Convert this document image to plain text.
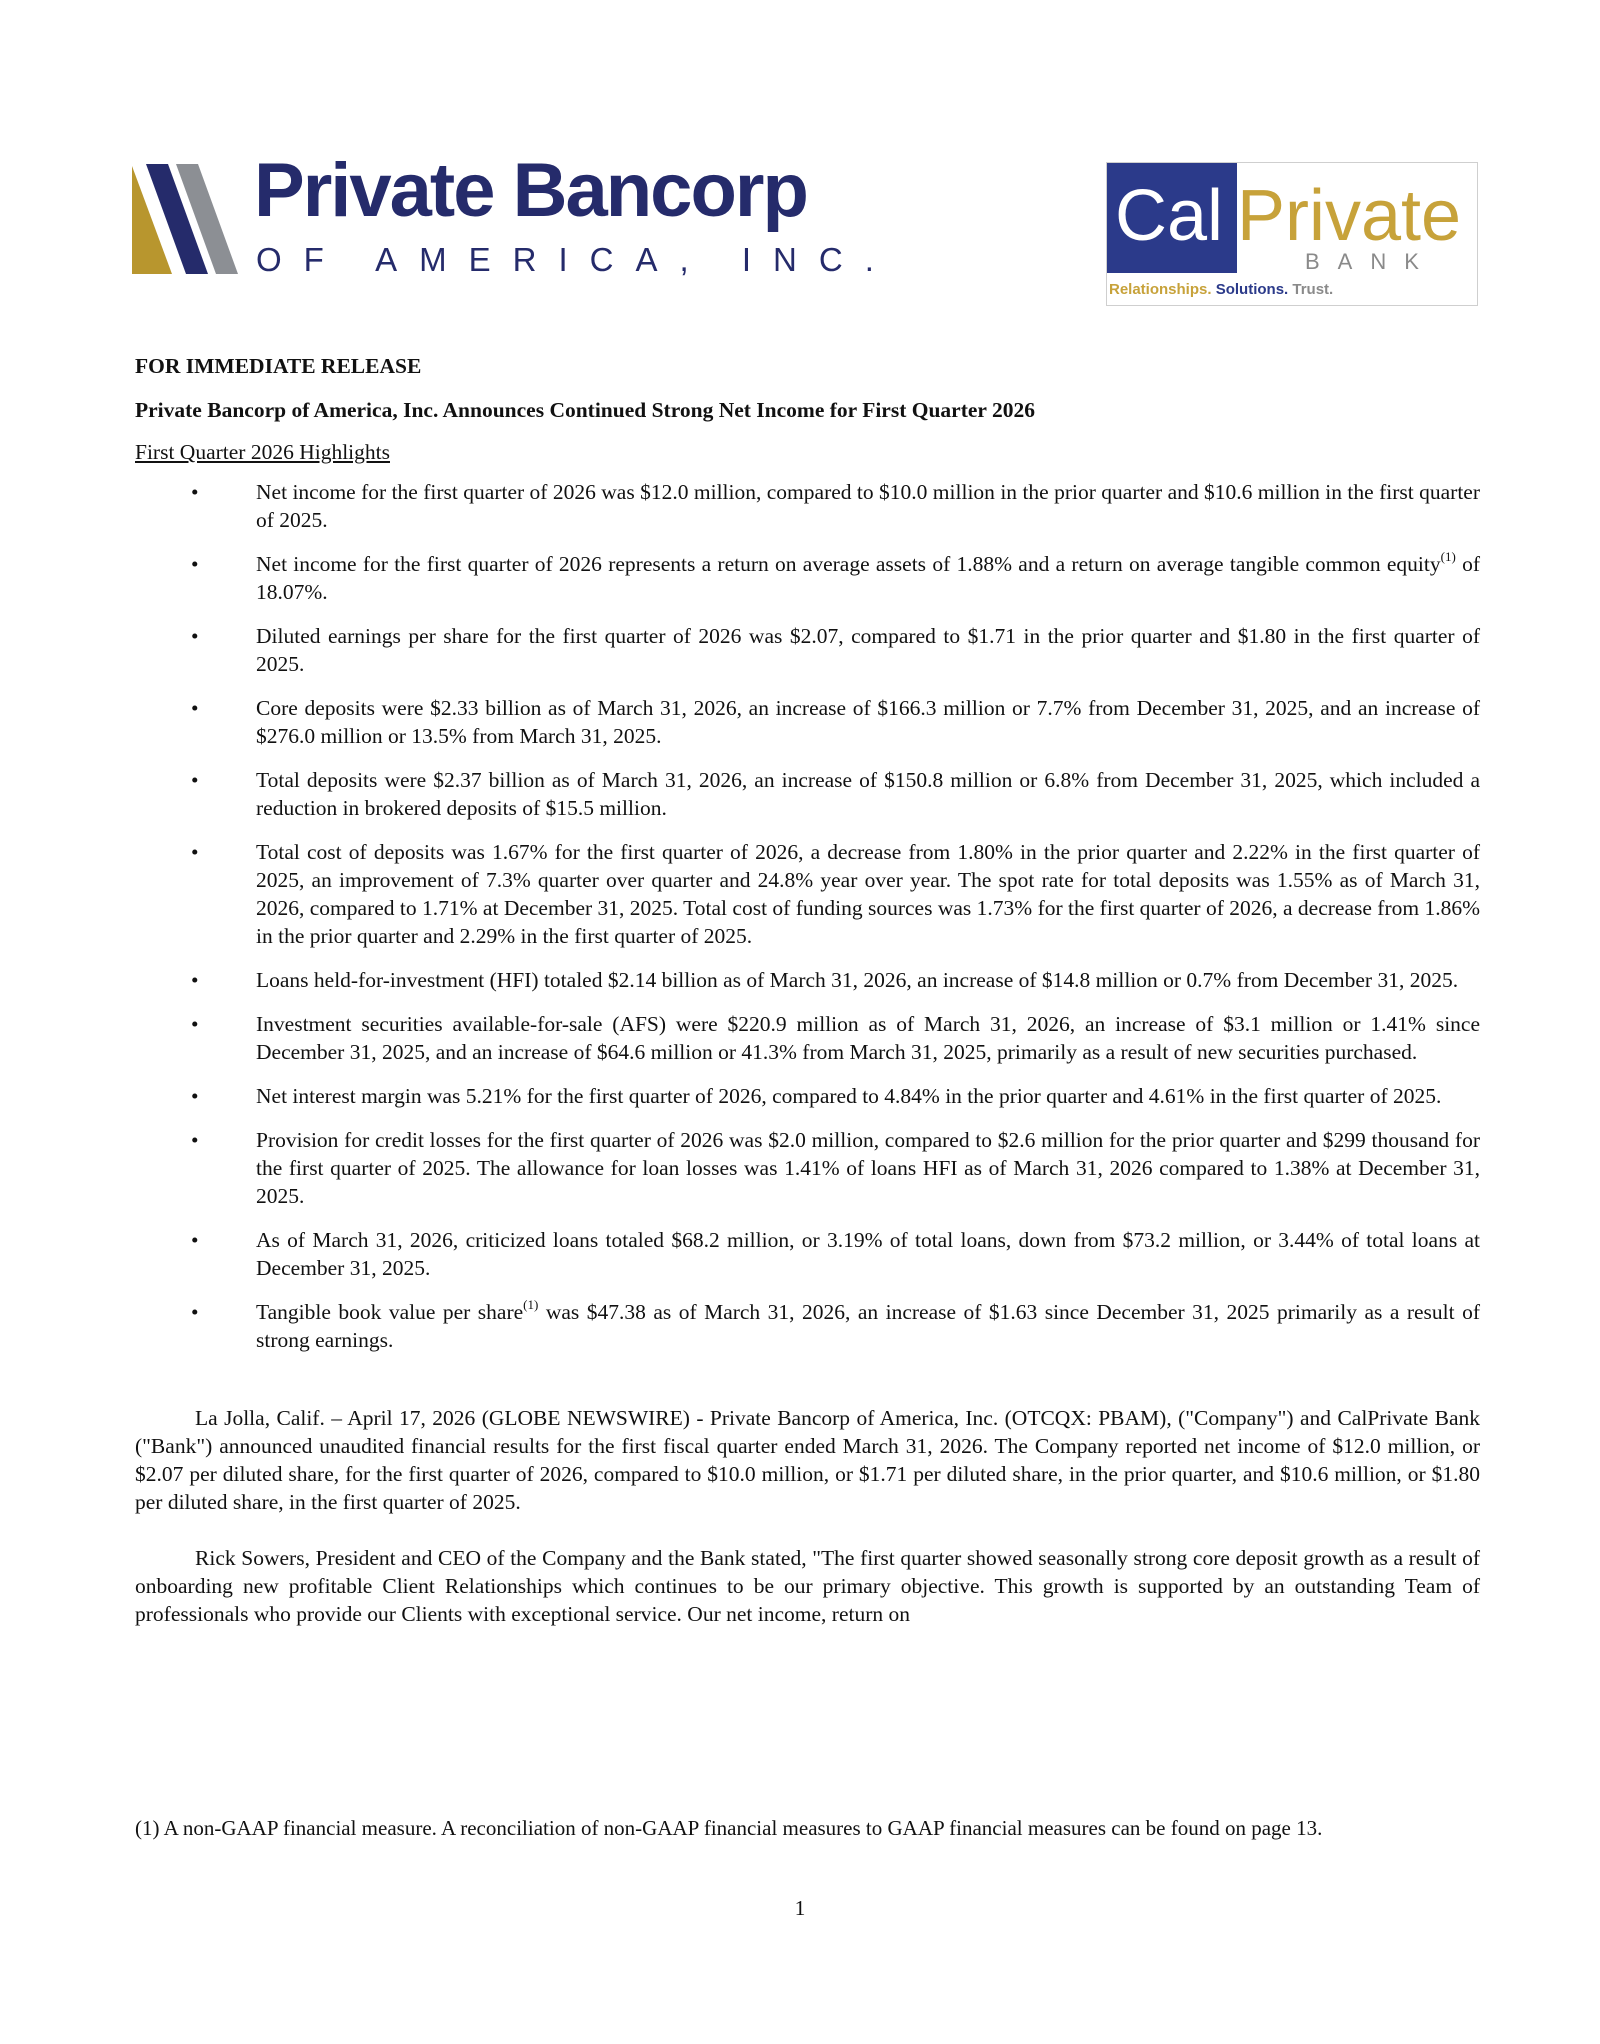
Private Bancorp
OF AMERICA, INC.
Cal Private
BANK
Relationships. Solutions. Trust.
FOR IMMEDIATE RELEASE
Private Bancorp of America, Inc. Announces Continued Strong Net Income for First Quarter 2026
First Quarter 2026 Highlights
•	Net income for the first quarter of 2026 was $12.0 million, compared to $10.0 million in the prior quarter and $10.6 million in the first quarter of 2025.
•	Net income for the first quarter of 2026 represents a return on average assets of 1.88% and a return on average tangible common equity$^{(1)}$ of 18.07%.
•	Diluted earnings per share for the first quarter of 2026 was $2.07, compared to $1.71 in the prior quarter and $1.80 in the first quarter of 2025.
•	Core deposits were $2.33 billion as of March 31, 2026, an increase of $166.3 million or 7.7% from December 31, 2025, and an increase of $276.0 million or 13.5% from March 31, 2025.
•	Total deposits were $2.37 billion as of March 31, 2026, an increase of $150.8 million or 6.8% from December 31, 2025, which included a reduction in brokered deposits of $15.5 million.
•	Total cost of deposits was 1.67% for the first quarter of 2026, a decrease from 1.80% in the prior quarter and 2.22% in the first quarter of 2025, an improvement of 7.3% quarter over quarter and 24.8% year over year. The spot rate for total deposits was 1.55% as of March 31, 2026, compared to 1.71% at December 31, 2025. Total cost of funding sources was 1.73% for the first quarter of 2026, a decrease from 1.86% in the prior quarter and 2.29% in the first quarter of 2025.
•	Loans held-for-investment (HFI) totaled $2.14 billion as of March 31, 2026, an increase of $14.8 million or 0.7% from December 31, 2025.
•	Investment securities available-for-sale (AFS) were $220.9 million as of March 31, 2026, an increase of $3.1 million or 1.41% since December 31, 2025, and an increase of $64.6 million or 41.3% from March 31, 2025, primarily as a result of new securities purchased.
•	Net interest margin was 5.21% for the first quarter of 2026, compared to 4.84% in the prior quarter and 4.61% in the first quarter of 2025.
•	Provision for credit losses for the first quarter of 2026 was $2.0 million, compared to $2.6 million for the prior quarter and $299 thousand for the first quarter of 2025. The allowance for loan losses was 1.41% of loans HFI as of March 31, 2026 compared to 1.38% at December 31, 2025.
•	As of March 31, 2026, criticized loans totaled $68.2 million, or 3.19% of total loans, down from $73.2 million, or 3.44% of total loans at December 31, 2025.
•	Tangible book value per share$^{(1)}$ was $47.38 as of March 31, 2026, an increase of $1.63 since December 31, 2025 primarily as a result of strong earnings.

La Jolla, Calif. – April 17, 2026 (GLOBE NEWSWIRE) - Private Bancorp of America, Inc. (OTCQX: PBAM), ("Company") and CalPrivate Bank ("Bank") announced unaudited financial results for the first fiscal quarter ended March 31, 2026. The Company reported net income of $12.0 million, or $2.07 per diluted share, for the first quarter of 2026, compared to $10.0 million, or $1.71 per diluted share, in the prior quarter, and $10.6 million, or $1.80 per diluted share, in the first quarter of 2025.

Rick Sowers, President and CEO of the Company and the Bank stated, "The first quarter showed seasonally strong core deposit growth as a result of onboarding new profitable Client Relationships which continues to be our primary objective. This growth is supported by an outstanding Team of professionals who provide our Clients with exceptional service. Our net income, return on

(1) A non-GAAP financial measure. A reconciliation of non-GAAP financial measures to GAAP financial measures can be found on page 13.
1
